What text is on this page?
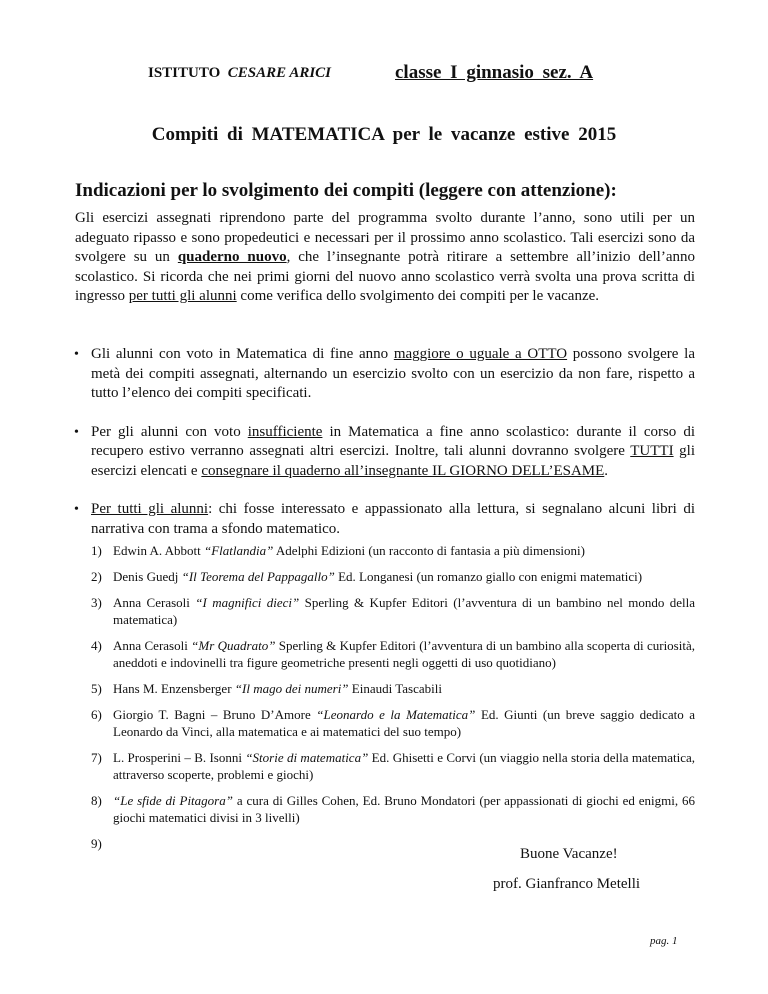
ISTITUTO CESARE ARICI	classe I ginnasio sez. A
Compiti di MATEMATICA per le vacanze estive 2015
Indicazioni per lo svolgimento dei compiti (leggere con attenzione):
Gli esercizi assegnati riprendono parte del programma svolto durante l’anno, sono utili per un adeguato ripasso e sono propedeutici e necessari per il prossimo anno scolastico. Tali esercizi sono da svolgere su un quaderno nuovo, che l’insegnante potrà ritirare a settembre all’inizio dell’anno scolastico. Si ricorda che nei primi giorni del nuovo anno scolastico verrà svolta una prova scritta di ingresso per tutti gli alunni come verifica dello svolgimento dei compiti per le vacanze.
• Gli alunni con voto in Matematica di fine anno maggiore o uguale a OTTO possono svolgere la metà dei compiti assegnati, alternando un esercizio svolto con un esercizio da non fare, rispetto a tutto l’elenco dei compiti specificati.
• Per gli alunni con voto insufficiente in Matematica a fine anno scolastico: durante il corso di recupero estivo verranno assegnati altri esercizi. Inoltre, tali alunni dovranno svolgere TUTTI gli esercizi elencati e consegnare il quaderno all’insegnante IL GIORNO DELL’ESAME.
• Per tutti gli alunni: chi fosse interessato e appassionato alla lettura, si segnalano alcuni libri di narrativa con trama a sfondo matematico.
1) Edwin A. Abbott “Flatlandia” Adelphi Edizioni (un racconto di fantasia a più dimensioni)
2) Denis Guedj “Il Teorema del Pappagallo” Ed. Longanesi (un romanzo giallo con enigmi matematici)
3) Anna Cerasoli “I magnifici dieci” Sperling & Kupfer Editori (l’avventura di un bambino nel mondo della matematica)
4) Anna Cerasoli “Mr Quadrato” Sperling & Kupfer Editori (l’avventura di un bambino alla scoperta di curiosità, aneddoti e indovinelli tra figure geometriche presenti negli oggetti di uso quotidiano)
5) Hans M. Enzensberger “Il mago dei numeri” Einaudi Tascabili
6) Giorgio T. Bagni – Bruno D’Amore “Leonardo e la Matematica” Ed. Giunti (un breve saggio dedicato a Leonardo da Vinci, alla matematica e ai matematici del suo tempo)
7) L. Prosperini – B. Isonni “Storie di matematica” Ed. Ghisetti e Corvi (un viaggio nella storia della matematica, attraverso scoperte, problemi e giochi)
8) “Le sfide di Pitagora” a cura di Gilles Cohen, Ed. Bruno Mondatori (per appassionati di giochi ed enigmi, 66 giochi matematici divisi in 3 livelli)
9)
Buone Vacanze!
prof. Gianfranco Metelli
pag. 1
